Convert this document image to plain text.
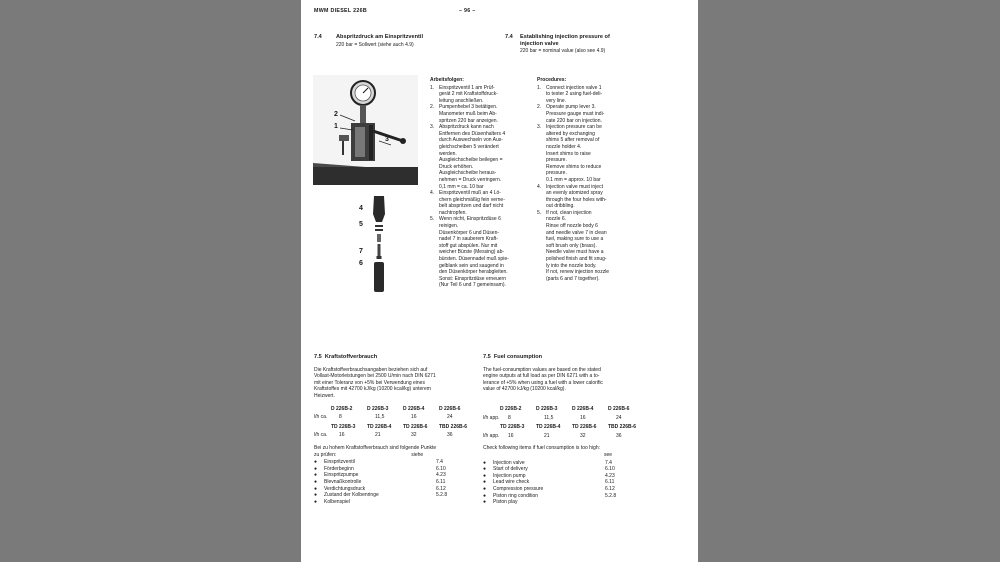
MWM DIESEL 226B	– 96 –
7.4	Abspritzdruck am Einspritzventil
220 bar = Sollwert (siehe auch 4.9)
7.4 Establishing injection pressure of
injection valve
220 bar = nominal value (also see 4.9)
2
1
3
4
5
7
6
Arbeitsfolgen:
1. Einspritzventil 1 am Prüf-
gerät 2 mit Kraftstoffdruck-
leitung anschließen.
2. Pumpenhebel 3 betätigen.
Manometer muß beim Ab-
spritzen 220 bar anzeigen.
3. Abspritzdruck kann nach
Entfernen des Düsenhalters 4
durch Auswechseln von Aus-
gleichscheiben 5 verändert
werden.
Ausgleichscheibe beilegen =
Druck erhöhen.
Ausgleichscheibe heraus-
nehmen = Druck verringern.
0,1 mm = ca. 10 bar
4. Einspritzventil muß an 4 Lö-
chern gleichmäßig fein verne-
belt abspritzen und darf nicht
nachtropfen.
5. Wenn nicht, Einspritzdüse 6
reinigen.
Düsenkörper 6 und Düsen-
nadel 7 in sauberem Kraft-
stoff gut abspülen. Nur mit
weicher Bürste (Messing) ab-
bürsten. Düsennadel muß spie-
gelblank sein und saugend in
den Düsenkörper herabgleiten.
Sonst: Einspritzdüse erneuern
(Nur Teil 6 und 7 gemeinsam).
Procedures:
1. Connect injection valve 1
to tester 2 using fuel-deli-
very line.
2. Operate pump lever 3.
Pressure gauge must indi-
cate 220 bar on injection.
3. Injection pressure can be
altered by exchanging
shims 5 after removal of
nozzle holder 4.
Insert shims to raise
pressure.
Remove shims to reduce
pressure.
0.1 mm = approx. 10 bar
4. Injection valve must inject
an evenly atomized spray
through the four holes with-
out dribbling.
5. If not, clean injection
nozzle 6.
Rinse off nozzle body 6
and needle valve 7 in clean
fuel, making sure to use a
soft brush only (brass).
Needle valve must have a
polished finish and fit snug-
ly into the nozzle body.
If not, renew injection nozzle
(parts 6 and 7 together).
7.5 Kraftstoffverbrauch
Die Kraftstoffverbrauchsangaben beziehen sich auf
Vollast-Motorleistungen bei 2500 U/min nach DIN 6271
mit einer Toleranz von +5% bei Verwendung eines
Kraftstoffes mit 42700 kJ/kg (10200 kcal/kg) unterem
Heizwert.
D 226B-2	D 226B-3	D 226B-4	D 226B-6
l/h ca.	8	11,5	16	24
TD 226B-3	TD 226B-4	TD 226B-6	TBD 226B-6
l/h ca.	16	21	32	36
Bei zu hohem Kraftstoffverbrauch sind folgende Punkte
zu prüfen:	siehe
● Einspritzventil	7.4
● Förderbeginn	6.10
● Einspritzpumpe	4.23
● Blevnaßkontrolle	6.11
● Verdichtungsdruck	6.12
● Zustand der Kolbenringe	5.2.8
● Kolbenspiel
7.5 Fuel consumption
The fuel-consumption values are based on the stated
engine outputs at full load as per DIN 6271 with a to-
lerance of +5% when using a fuel with a lower calorific
value of 42700 kJ/kg (10200 kcal/kg).
D 226B-2	D 226B-3	D 226B-4	D 226B-6
l/h app.	8	11,5	16	24
TD 226B-3	TD 226B-4	TD 226B-6	TBD 226B-6
l/h app.	16	21	32	36
Check following items if fuel consumption is too high:
see
● Injection valve	7.4
● Start of delivery	6.10
● Injection pump	4.23
● Lead wire check	6.11
● Compression pressure	6.12
● Piston ring condition	5.2.8
● Piston play
